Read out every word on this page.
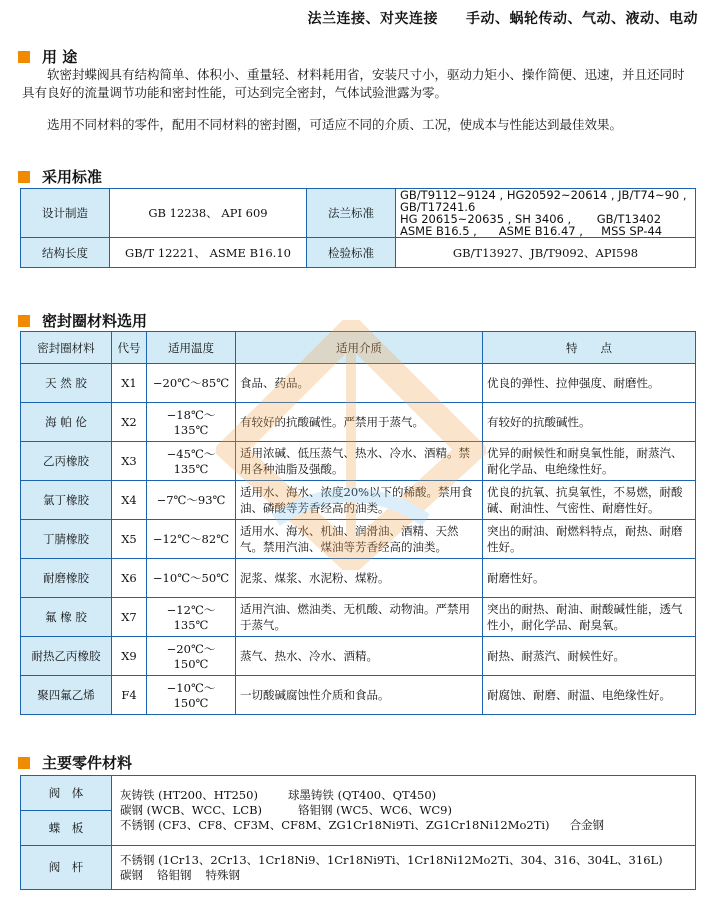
法兰连接、对夹连接 手动、蜗轮传动、气动、液动、电动
用 途
软密封蝶阀具有结构简单、体积小、重量轻、材料耗用省，安装尺寸小，驱动力矩小、操作简便、迅速，并且还同时具有良好的流量调节功能和密封性能，可达到完全密封，气体试验泄露为零。
选用不同材料的零件，配用不同材料的密封圈，可适应不同的介质、工况，使成本与性能达到最佳效果。
采用标准
设计制造	GB 12238、 API 609	法兰标准	GB/T9112~9124 , HG20592~20614 , JB/T74~90 , GB/T17241.6
HG 20615~20635 , SH 3406 ,       GB/T13402
ASME B16.5 ,      ASME B16.47 ,     MSS SP-44

结构长度	GB/T 12221、 ASME B16.10	检验标准	GB/T13927、JB/T9092、API598
密封圈材料选用
密封圈材料	代号	适用温度	适用介质	特　　点
天 然 胶	X1	−20℃～85℃	食品、药品。	优良的弹性、拉伸强度、耐磨性。
海 帕 伦	X2	−18℃～135℃	有较好的抗酸碱性。严禁用于蒸气。	有较好的抗酸碱性。
乙丙橡胶	X3	−45℃～135℃	适用浓碱、低压蒸气、热水、冷水、酒精。禁用各种油脂及强酸。	优异的耐候性和耐臭氧性能，耐蒸汽、耐化学品、电绝缘性好。
氯丁橡胶	X4	−7℃～93℃	适用水、海水、浓度20%以下的稀酸。禁用食油、磷酸等芳香经高的油类。	优良的抗氧、抗臭氧性，不易燃，耐酸碱、耐油性、气密性、耐磨性好。
丁腈橡胶	X5	−12℃～82℃	适用水、海水、机油、润滑油、酒精、天然气。禁用汽油、煤油等芳香经高的油类。	突出的耐油、耐燃料特点，耐热、耐磨性好。
耐磨橡胶	X6	−10℃～50℃	泥浆、煤浆、水泥粉、煤粉。	耐磨性好。
氟 橡 胶	X7	−12℃～135℃	适用汽油、燃油类、无机酸、动物油。严禁用于蒸气。	突出的耐热、耐油、耐酸碱性能，透气性小，耐化学品、耐臭氧。
耐热乙丙橡胶	X9	−20℃～150℃	蒸气、热水、冷水、酒精。	耐热、耐蒸汽、耐候性好。
聚四氟乙烯	F4	−10℃～150℃	一切酸碱腐蚀性介质和食品。	耐腐蚀、耐磨、耐温、电绝缘性好。
主要零件材料
阀　体	灰铸铁 (HT200、HT250) 球墨铸铁 (QT400、QT450)
碳钢 (WCB、WCC、LCB) 铬钼钢 (WC5、WC6、WC9)
不锈钢 (CF3、CF8、CF3M、CF8M、ZG1Cr18Ni9Ti、ZG1Cr18Ni12Mo2Ti) 合金钢

蝶　板	
阀　杆	不锈钢 (1Cr13、2Cr13、1Cr18Ni9、1Cr18Ni9Ti、1Cr18Ni12Mo2Ti、304、316、304L、316L)
碳钢 铬钼钢 特殊钢
